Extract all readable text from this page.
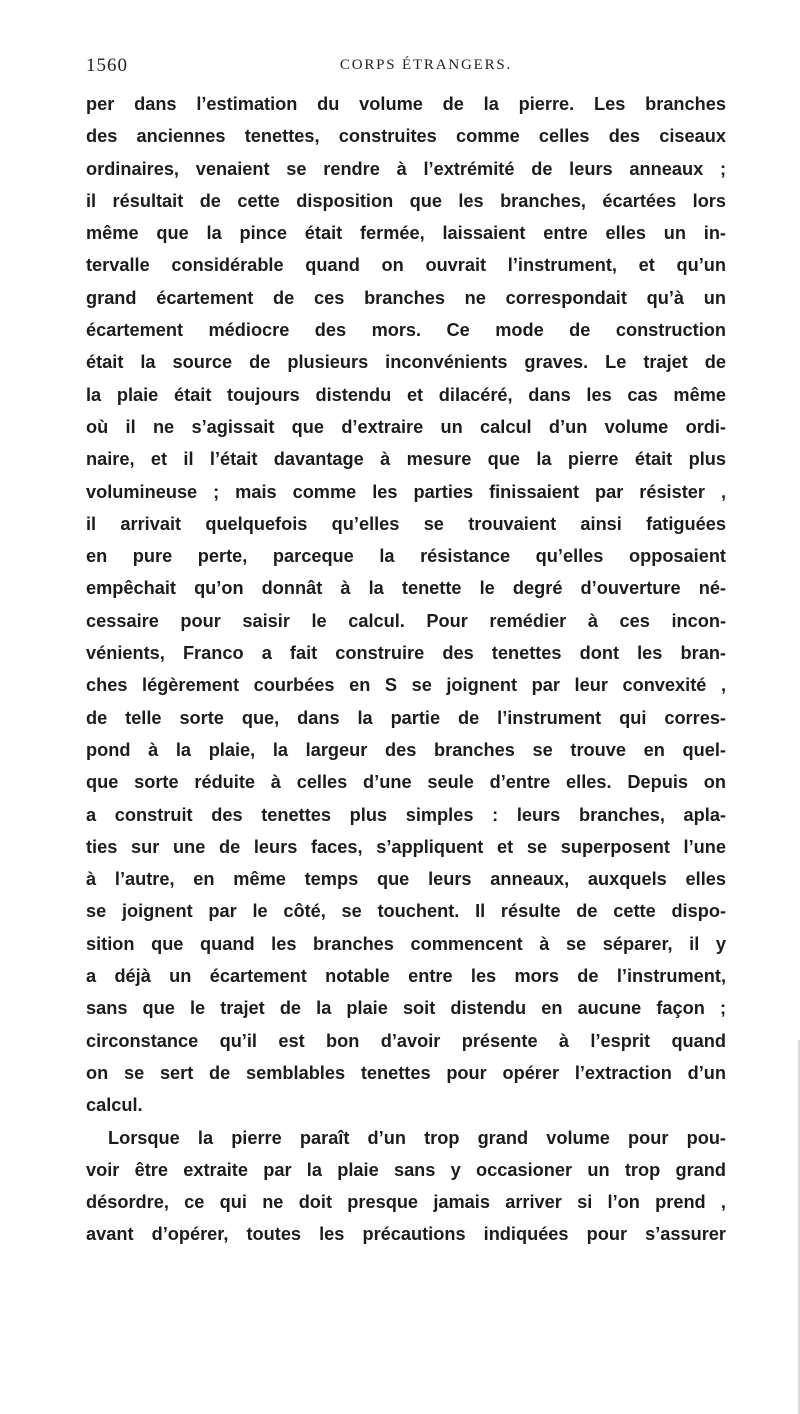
1560	CORPS ÉTRANGERS.
per dans l’estimation du volume de la pierre. Les branches
des anciennes tenettes, construites comme celles des ciseaux
ordinaires, venaient se rendre à l’extrémité de leurs anneaux ;
il résultait de cette disposition que les branches, écartées lors
même que la pince était fermée, laissaient entre elles un in-
tervalle considérable quand on ouvrait l’instrument, et qu’un
grand écartement de ces branches ne correspondait qu’à un
écartement médiocre des mors. Ce mode de construction
était la source de plusieurs inconvénients graves. Le trajet de
la plaie était toujours distendu et dilacéré, dans les cas même
où il ne s’agissait que d’extraire un calcul d’un volume ordi-
naire, et il l’était davantage à mesure que la pierre était plus
volumineuse ; mais comme les parties finissaient par résister ,
il arrivait quelquefois qu’elles se trouvaient ainsi fatiguées
en pure perte, parceque la résistance qu’elles opposaient
empêchait qu’on donnât à la tenette le degré d’ouverture né-
cessaire pour saisir le calcul. Pour remédier à ces incon-
vénients, Franco a fait construire des tenettes dont les bran-
ches légèrement courbées en S se joignent par leur convexité ,
de telle sorte que, dans la partie de l’instrument qui corres-
pond à la plaie, la largeur des branches se trouve en quel-
que sorte réduite à celles d’une seule d’entre elles. Depuis on
a construit des tenettes plus simples : leurs branches, apla-
ties sur une de leurs faces, s’appliquent et se superposent l’une
à l’autre, en même temps que leurs anneaux, auxquels elles
se joignent par le côté, se touchent. Il résulte de cette dispo-
sition que quand les branches commencent à se séparer, il y
a déjà un écartement notable entre les mors de l’instrument,
sans que le trajet de la plaie soit distendu en aucune façon ;
circonstance qu’il est bon d’avoir présente à l’esprit quand
on se sert de semblables tenettes pour opérer l’extraction d’un
calcul.
Lorsque la pierre paraît d’un trop grand volume pour pou-
voir être extraite par la plaie sans y occasioner un trop grand
désordre, ce qui ne doit presque jamais arriver si l’on prend ,
avant d’opérer, toutes les précautions indiquées pour s’assurer
